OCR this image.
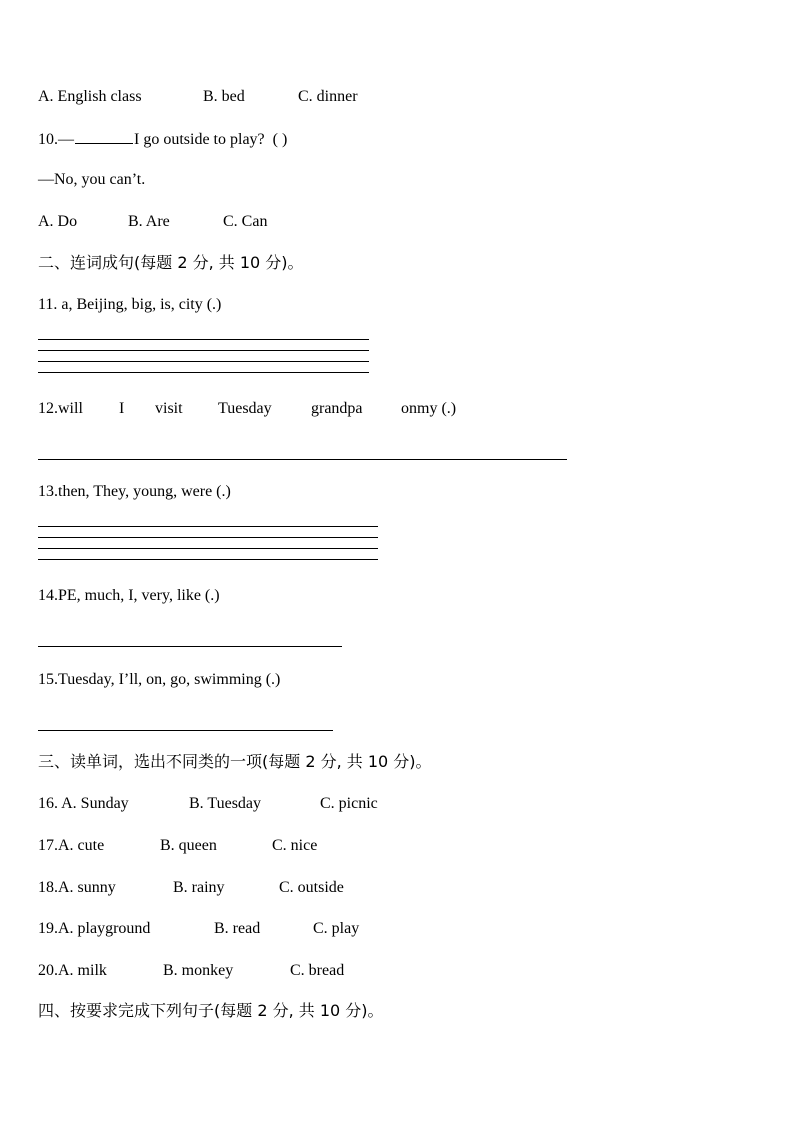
A. English class	B. bed	C. dinner
10.—	I go outside to play? ( )
—No, you can’t.
A. Do	B. Are	C. Can
二、连词成句(每题 2 分, 共 10 分)。
11. a, Beijing, big, is, city (.)
12.will I visit Tuesday grandpa onmy (.)
13.then, They, young, were (.)
14.PE, much, I, very, like (.)
15.Tuesday, I’ll, on, go, swimming (.)
三、读单词，选出不同类的一项(每题 2 分, 共 10 分)。
16. A. Sunday	B. Tuesday	C. picnic
17.A. cute	B. queen	C. nice
18.A. sunny	B. rainy	C. outside
19.A. playground	B. read	C. play
20.A. milk	B. monkey	C. bread
四、按要求完成下列句子(每题 2 分, 共 10 分)。
